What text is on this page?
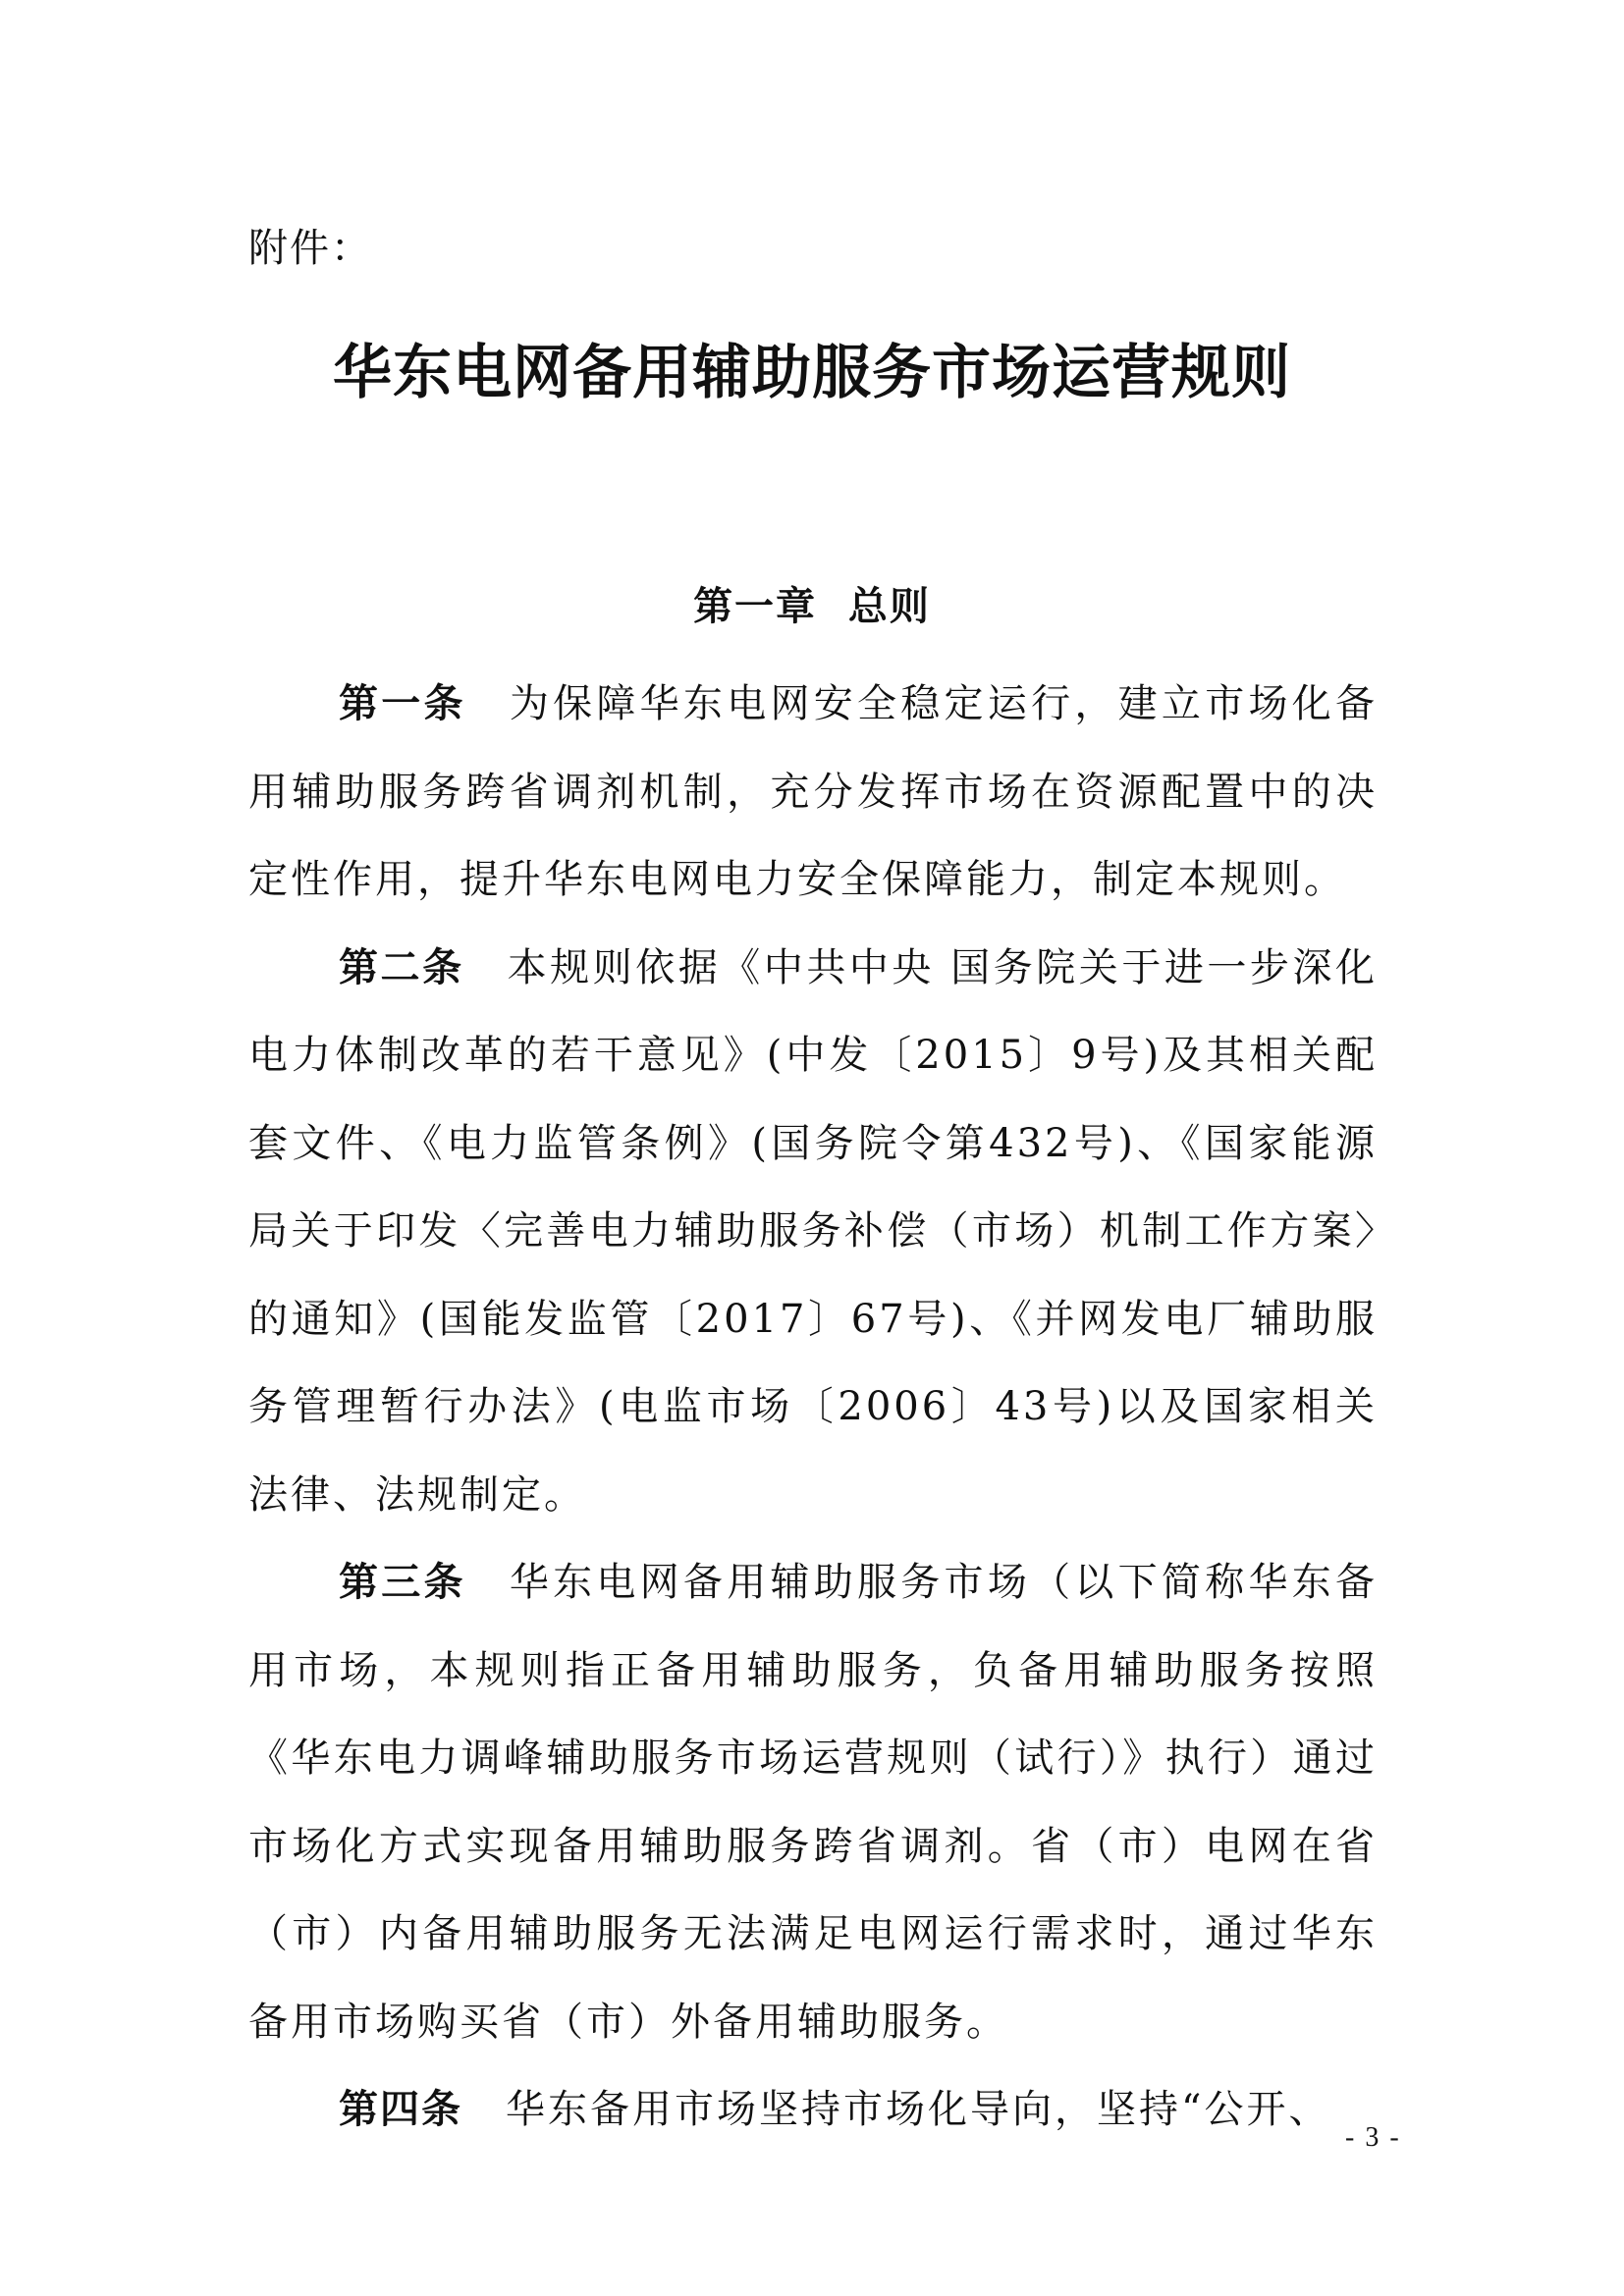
附件：
华东电网备用辅助服务市场运营规则
第一章 总则

第一条 为保障华东电网安全稳定运行，建立市场化备用辅助服务跨省调剂机制，充分发挥市场在资源配置中的决定性作用，提升华东电网电力安全保障能力，制定本规则。

第二条 本规则依据《中共中央 国务院关于进一步深化电力体制改革的若干意见》(中发〔2015〕9号)及其相关配套文件、《电力监管条例》(国务院令第432号)、《国家能源局关于印发〈完善电力辅助服务补偿（市场）机制工作方案〉的通知》(国能发监管〔2017〕67号)、《并网发电厂辅助服务管理暂行办法》(电监市场〔2006〕43号)以及国家相关法律、法规制定。

第三条 华东电网备用辅助服务市场（以下简称华东备用市场，本规则指正备用辅助服务，负备用辅助服务按照《华东电力调峰辅助服务市场运营规则（试行）》执行）通过市场化方式实现备用辅助服务跨省调剂。省（市）电网在省（市）内备用辅助服务无法满足电网运行需求时，通过华东备用市场购买省（市）外备用辅助服务。

第四条 华东备用市场坚持市场化导向，坚持“公开、

- 3 -
